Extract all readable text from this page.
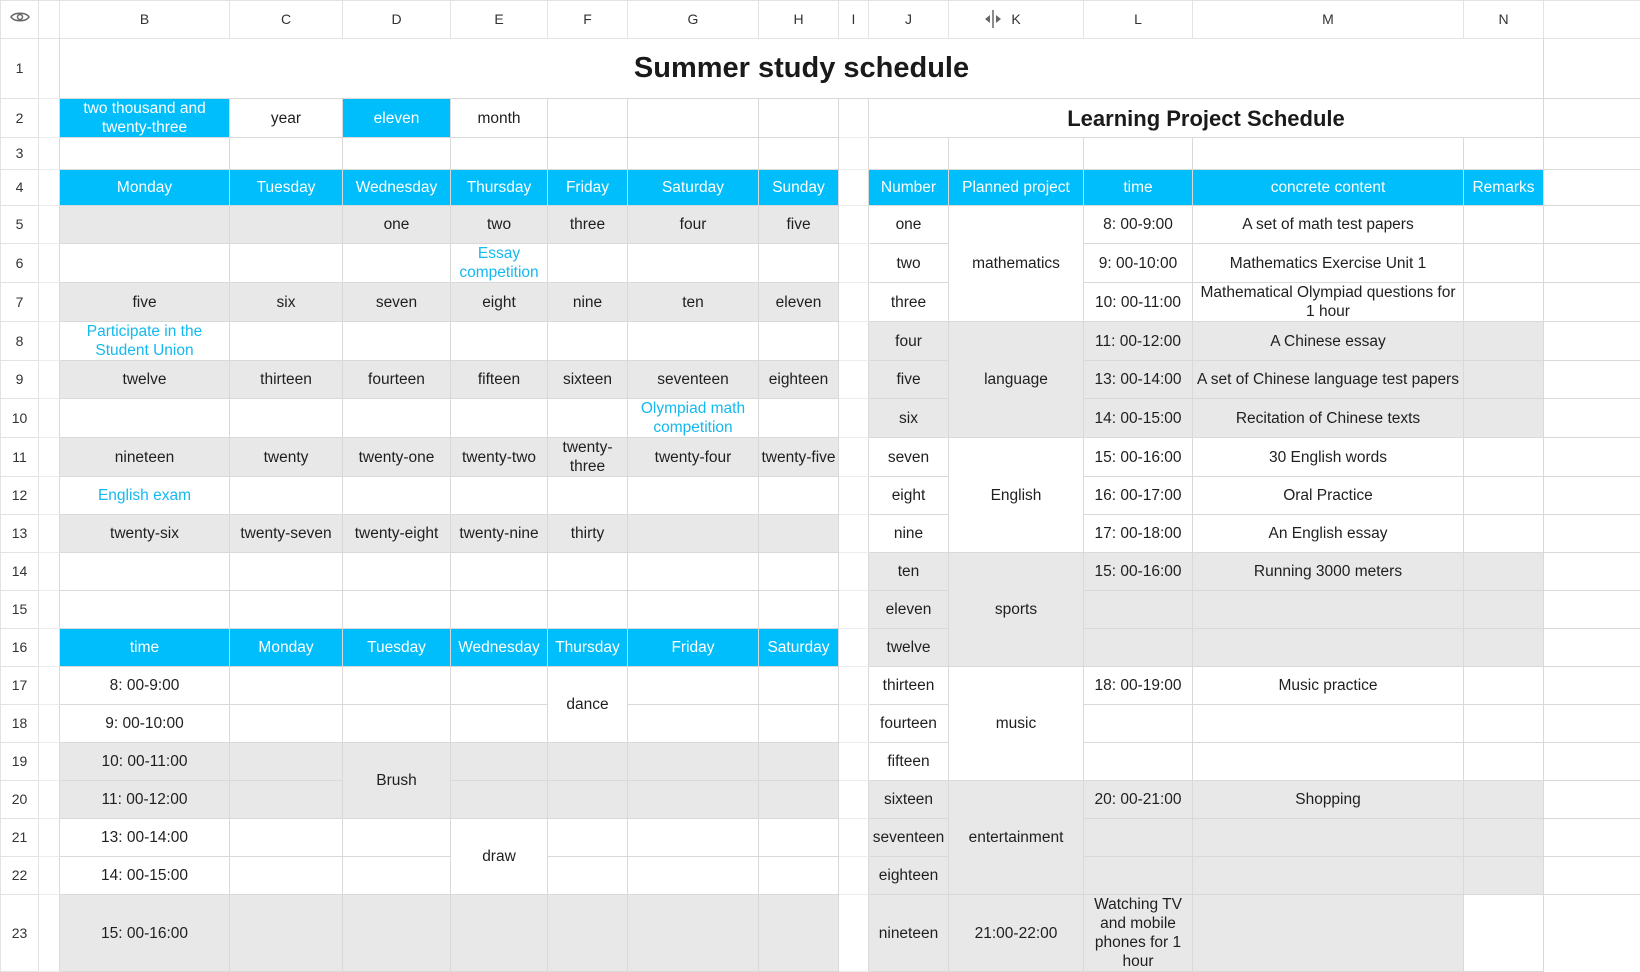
		B	C	D	E	F	G	H	I	J	K	L	M	N	
1		Summer study schedule													
2		two thousand and twenty-three	year	eleven	month					Learning Project Schedule					
3															
4		Monday	Tuesday	Wednesday	Thursday	Friday	Saturday	Sunday		Number	Planned project	time	concrete content	Remarks	
5				one	two	three	four	five		one	mathematics	8: 00-9:00	A set of math test papers		
6					Essay competition					two		9: 00-10:00	Mathematics Exercise Unit 1		
7		five	six	seven	eight	nine	ten	eleven		three		10: 00-11:00	Mathematical Olympiad questions for 1 hour		
8		Participate in the Student Union								four	language	11: 00-12:00	A Chinese essay		
9		twelve	thirteen	fourteen	fifteen	sixteen	seventeen	eighteen		five		13: 00-14:00	A set of Chinese language test papers		
10							Olympiad math competition			six		14: 00-15:00	Recitation of Chinese texts		
11		nineteen	twenty	twenty-one	twenty-two	twenty-three	twenty-four	twenty-five		seven	English	15: 00-16:00	30 English words		
12		English exam								eight		16: 00-17:00	Oral Practice		
13		twenty-six	twenty-seven	twenty-eight	twenty-nine	thirty				nine		17: 00-18:00	An English essay		
14										ten	sports	15: 00-16:00	Running 3000 meters		
15										eleven					
16		time	Monday	Tuesday	Wednesday	Thursday	Friday	Saturday		twelve					
17		8: 00-9:00				dance				thirteen	music	18: 00-19:00	Music practice		
18		9: 00-10:00								fourteen					
19		10: 00-11:00		Brush						fifteen					
20		11: 00-12:00								sixteen	entertainment	20: 00-21:00	Shopping		
21		13: 00-14:00			draw					seventeen					
22		14: 00-15:00								eighteen					
23		15: 00-16:00								nineteen	21:00-22:00	Watching TV and mobile phones for 1 hour			
